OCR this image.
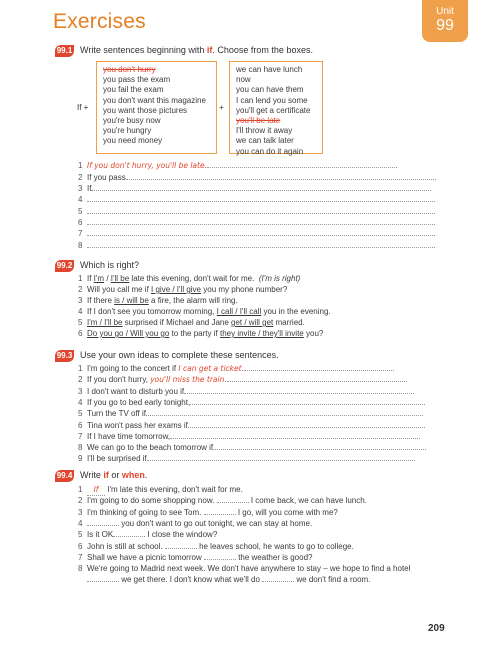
Exercises	Unit
99
99.1 Write sentences beginning with if. Choose from the boxes.
If +
you don't hurry
you pass the exam
you fail the exam
you don't want this magazine
you want those pictures
you're busy now
you're hungry
you need money
+
we can have lunch now
you can have them
I can lend you some
you'll get a certificate
you'll be late
I'll throw it away
we can talk later
you can do it again
1 If you don't hurry, you'll be late.
2 If you pass
3 If
4
5
6
7
8
99.2 Which is right?
1 If I'm / I'll be late this evening, don't wait for me. (I'm is right)
2 Will you call me if I give / I'll give you my phone number?
3 If there is / will be a fire, the alarm will ring.
4 If I don't see you tomorrow morning, I call / I'll call you in the evening.
5 I'm / I'll be surprised if Michael and Jane get / will get married.
6 Do you go / Will you go to the party if they invite / they'll invite you?
99.3 Use your own ideas to complete these sentences.
1 I'm going to the concert if I can get a ticket.
2 If you don't hurry, you'll miss the train.
3 I don't want to disturb you if
4 If you go to bed early tonight,
5 Turn the TV off if
6 Tina won't pass her exams if
7 If I have time tomorrow,
8 We can go to the beach tomorrow if
9 I'll be surprised if
99.4 Write if or when.
1 If I'm late this evening, don't wait for me.
2 I'm going to do some shopping now.	I come back, we can have lunch.
3 I'm thinking of going to see Tom.	I go, will you come with me?
4	you don't want to go out tonight, we can stay at home.
5 Is it OK	I close the window?
6 John is still at school.	he leaves school, he wants to go to college.
7 Shall we have a picnic tomorrow	the weather is good?
8 We're going to Madrid next week. We don't have anywhere to stay – we hope to find a hotel
we get there. I don't know what we'll do	we don't find a room.
209
